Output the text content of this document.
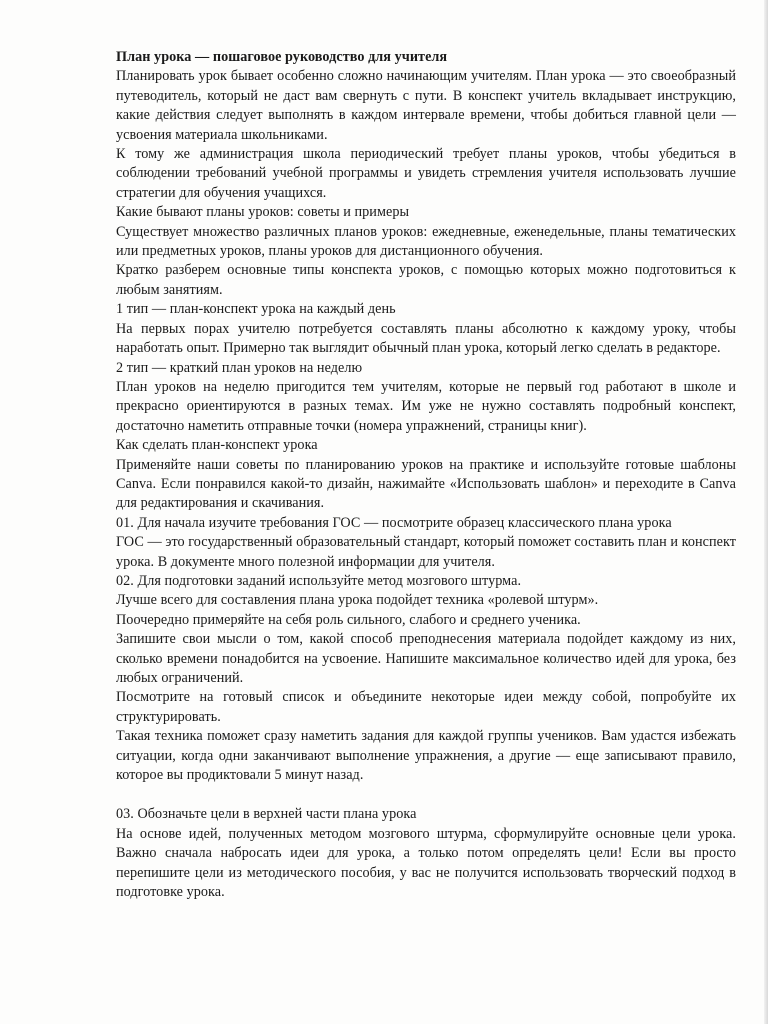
План урока — пошаговое руководство для учителя

Планировать урок бывает особенно сложно начинающим учителям. План урока — это своеобразный путеводитель, который не даст вам свернуть с пути. В конспект учитель вкладывает инструкцию, какие действия следует выполнять в каждом интервале времени, чтобы добиться главной цели — усвоения материала школьниками.

К тому же администрация школа периодический требует планы уроков, чтобы убедиться в соблюдении требований учебной программы и увидеть стремления учителя использовать лучшие стратегии для обучения учащихся.

Какие бывают планы уроков: советы и примеры

Существует множество различных планов уроков: ежедневные, еженедельные, планы тематических или предметных уроков, планы уроков для дистанционного обучения.

Кратко разберем основные типы конспекта уроков, с помощью которых можно подготовиться к любым занятиям.

1 тип — план-конспект урока на каждый день

На первых порах учителю потребуется составлять планы абсолютно к каждому уроку, чтобы наработать опыт. Примерно так выглядит обычный план урока, который легко сделать в редакторе.

2 тип — краткий план уроков на неделю

План уроков на неделю пригодится тем учителям, которые не первый год работают в школе и прекрасно ориентируются в разных темах. Им уже не нужно составлять подробный конспект, достаточно наметить отправные точки (номера упражнений, страницы книг).

Как сделать план-конспект урока

Применяйте наши советы по планированию уроков на практике и используйте готовые шаблоны Canva. Если понравился какой-то дизайн, нажимайте «Использовать шаблон» и переходите в Canva для редактирования и скачивания.

01. Для начала изучите требования ГОС — посмотрите образец классического плана урока

ГОС — это государственный образовательный стандарт, который поможет составить план и конспект урока. В документе много полезной информации для учителя.

02. Для подготовки заданий используйте метод мозгового штурма.

Лучше всего для составления плана урока подойдет техника «ролевой штурм».

Поочередно примеряйте на себя роль сильного, слабого и среднего ученика.

Запишите свои мысли о том, какой способ преподнесения материала подойдет каждому из них, сколько времени понадобится на усвоение. Напишите максимальное количество идей для урока, без любых ограничений.

Посмотрите на готовый список и объедините некоторые идеи между собой, попробуйте их структурировать.

Такая техника поможет сразу наметить задания для каждой группы учеников. Вам удастся избежать ситуации, когда одни заканчивают выполнение упражнения, а другие — еще записывают правило, которое вы продиктовали 5 минут назад.

03. Обозначьте цели в верхней части плана урока

На основе идей, полученных методом мозгового штурма, сформулируйте основные цели урока. Важно сначала набросать идеи для урока, а только потом определять цели! Если вы просто перепишите цели из методического пособия, у вас не получится использовать творческий подход в подготовке урока.
